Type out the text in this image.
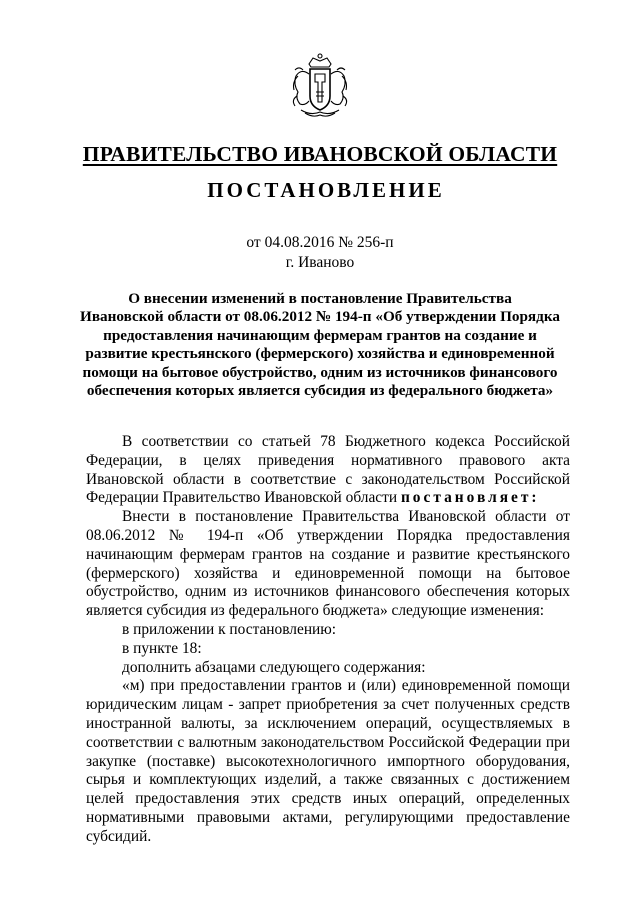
ПРАВИТЕЛЬСТВО ИВАНОВСКОЙ ОБЛАСТИ
ПОСТАНОВЛЕНИЕ
от 04.08.2016 № 256-п
г. Иваново
О внесении изменений в постановление Правительства
Ивановской области от 08.06.2012 № 194-п «Об утверждении Порядка
предоставления начинающим фермерам грантов на создание и
развитие крестьянского (фермерского) хозяйства и единовременной
помощи на бытовое обустройство, одним из источников финансового
обеспечения которых является субсидия из федерального бюджета»

В соответствии со статьей 78 Бюджетного кодекса Российской Федерации, в целях приведения нормативного правового акта Ивановской области в соответствие с законодательством Российской Федерации Правительство Ивановской области постановляет:

Внести в постановление Правительства Ивановской области от 08.06.2012 № 194-п «Об утверждении Порядка предоставления начинающим фермерам грантов на создание и развитие крестьянского (фермерского) хозяйства и единовременной помощи на бытовое обустройство, одним из источников финансового обеспечения которых является субсидия из федерального бюджета» следующие изменения:

в приложении к постановлению:

в пункте 18:

дополнить абзацами следующего содержания:

«м) при предоставлении грантов и (или) единовременной помощи юридическим лицам - запрет приобретения за счет полученных средств иностранной валюты, за исключением операций, осуществляемых в соответствии с валютным законодательством Российской Федерации при закупке (поставке) высокотехнологичного импортного оборудования, сырья и комплектующих изделий, а также связанных с достижением целей предоставления этих средств иных операций, определенных нормативными правовыми актами, регулирующими предоставление субсидий.
